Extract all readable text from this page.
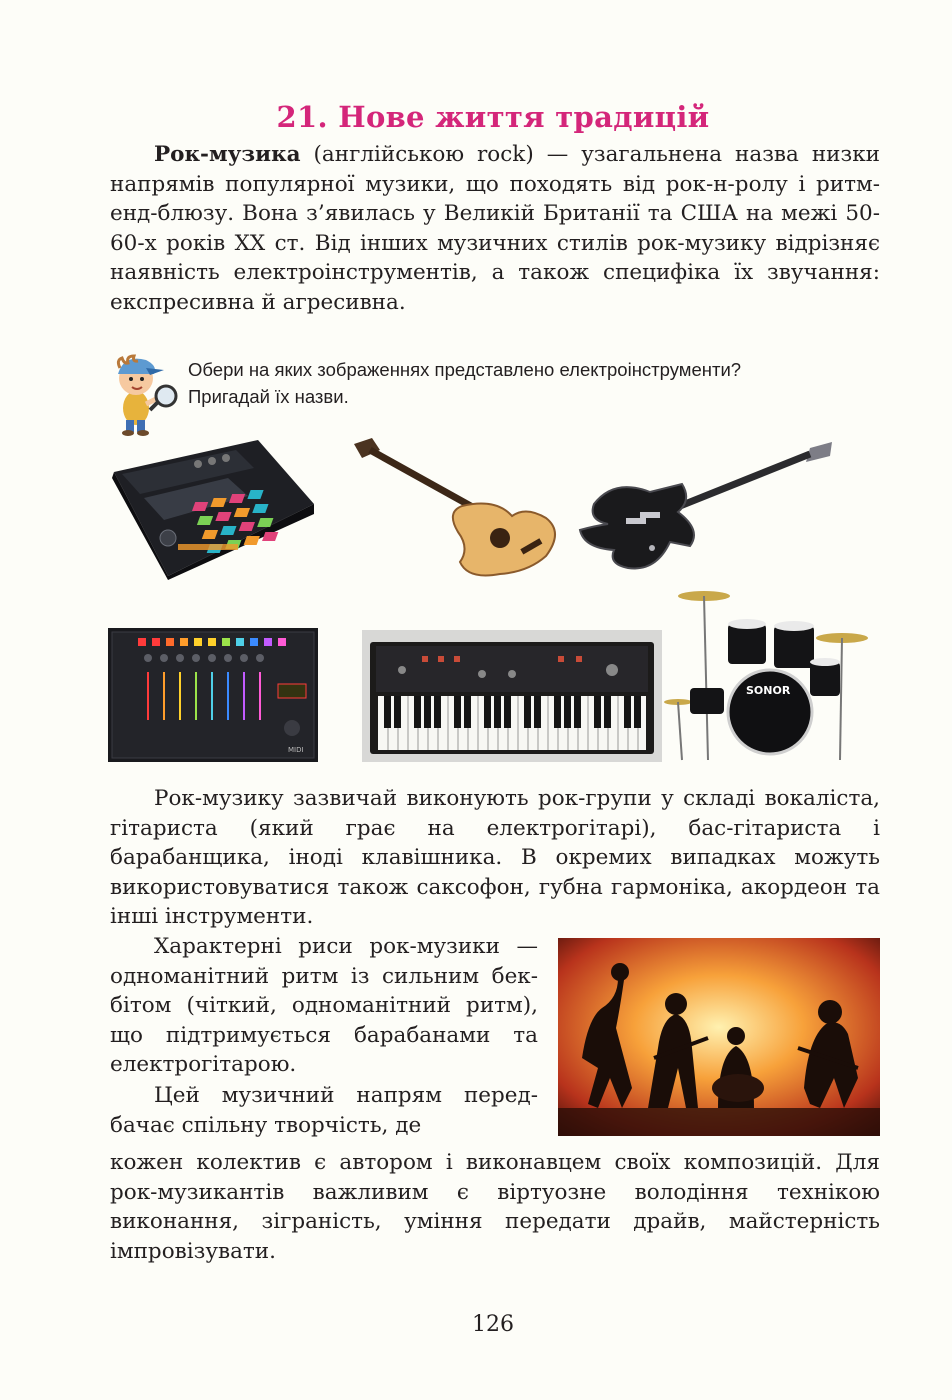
21. Нове життя традицій
Рок-музика (англійською rock) — узагальнена назва низки напрямів популярної музики, що походять від рок-н-ролу і ритм-енд-блюзу. Вона з’явилась у Великій Британії та США на межі 50-60-х років XX ст. Від інших музичних стилів рок-музику відрізняє наявність електроінструментів, а також специфіка їх звучання: експресивна й агресивна.
Обери на яких зображеннях представлено електроінструменти?
Пригадай їх назви.
MIDI
SONOR
Рок-музику зазвичай виконують рок-групи у складі вокаліста, гітариста (який грає на електрогітарі), бас-гітариста і барабанщика, іноді клавішника. В окремих випадках можуть використовуватися також саксофон, губна гармоніка, акордеон та інші інструменти.
Характерні риси рок-музики — одноманітний ритм із сильним бек-бітом (чіткий, одноманітний ритм), що підтримується барабанами та електрогітарою.
Цей музичний напрям передбачає спільну творчість, де
кожен колектив є автором і виконавцем своїх композицій. Для рок-музикантів важливим є віртуозне володіння технікою виконання, зіграність, уміння передати драйв, майстерність імпровізувати.
126
